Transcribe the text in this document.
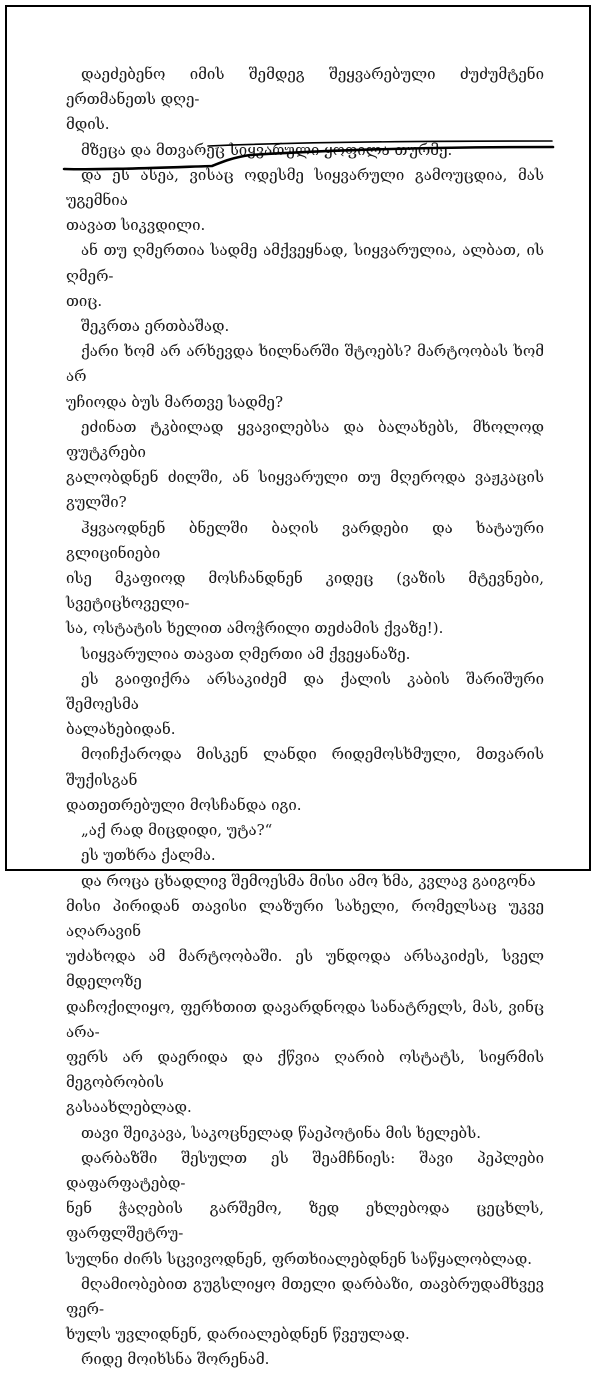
დაეძებენო იმის შემდეგ შეყვარებული ძუძუმტენი ერთმანეთს დღე-

მდის.

მზეცა და მთვარეც სიყვარული ყოფილა თურმე.

და ეს ასეა, ვისაც ოდესმე სიყვარული გამოუცდია, მას უგემნია

თავათ სიკვდილი.

ან თუ ღმერთია სადმე ამქვეყნად, სიყვარულია, ალბათ, ის ღმერ-

თიც.

შეკრთა ერთბაშად.

ქარი ხომ არ არხევდა ხილნარში შტოებს? მარტოობას ხომ არ

უჩიოდა ბუს მართვე სადმე?

ეძინათ ტკბილად ყვავილებსა და ბალახებს, მხოლოდ ფუტკრები

გალობდნენ ძილში, ან სიყვარული თუ მღეროდა ვაჟკაცის გულში?

ჰყვაოდნენ ბნელში ბაღის ვარდები და ხატაური გლიცინიები

ისე მკაფიოდ მოსჩანდნენ კიდეც (ვაზის მტევნები, სვეტიცხოველი-

სა, ოსტატის ხელით ამოჭრილი თეძამის ქვაზე!).

სიყვარულია თავათ ღმერთი ამ ქვეყანაზე.

ეს გაიფიქრა არსაკიძემ და ქალის კაბის შარიშური შემოესმა

ბალახებიდან.

მოიჩქაროდა მისკენ ლანდი რიდემოსხმული, მთვარის შუქისგან

დათეთრებული მოსჩანდა იგი.

„აქ რად მიცდიდი, უტა?“

ეს უთხრა ქალმა.

და როცა ცხადლივ შემოესმა მისი ამო ხმა, კვლავ გაიგონა

მისი პირიდან თავისი ლაზური სახელი, რომელსაც უკვე აღარავინ

უძახოდა ამ მარტოობაში. ეს უნდოდა არსაკიძეს, სველ მდელოზე

დაჩოქილიყო, ფერხთით დავარდნოდა სანატრელს, მას, ვინც არა-

ფერს არ დაერიდა და ქწვია ღარიბ ოსტატს, სიყრმის მეგობრობის

გასაახლებლად.

თავი შეიკავა, საკოცნელად წაეპოტინა მის ხელებს.

დარბაზში შესულთ ეს შეამჩნიეს: შავი პეპლები დაფარფატებდ-

ნენ ჭაღების გარშემო, ზედ ეხლებოდა ცეცხლს, ფარფლშეტრუ-

სულნი ძირს სცვივოდნენ, ფრთხიალებდნენ საწყალობლად.

მღამიობებით გუგსლიყო მთელი დარბაზი, თავბრუდამხვევ ფერ-

ხულს უვლიდნენ, დარიალებდნენ წვეულად.

რიდე მოიხსნა შორენამ.
